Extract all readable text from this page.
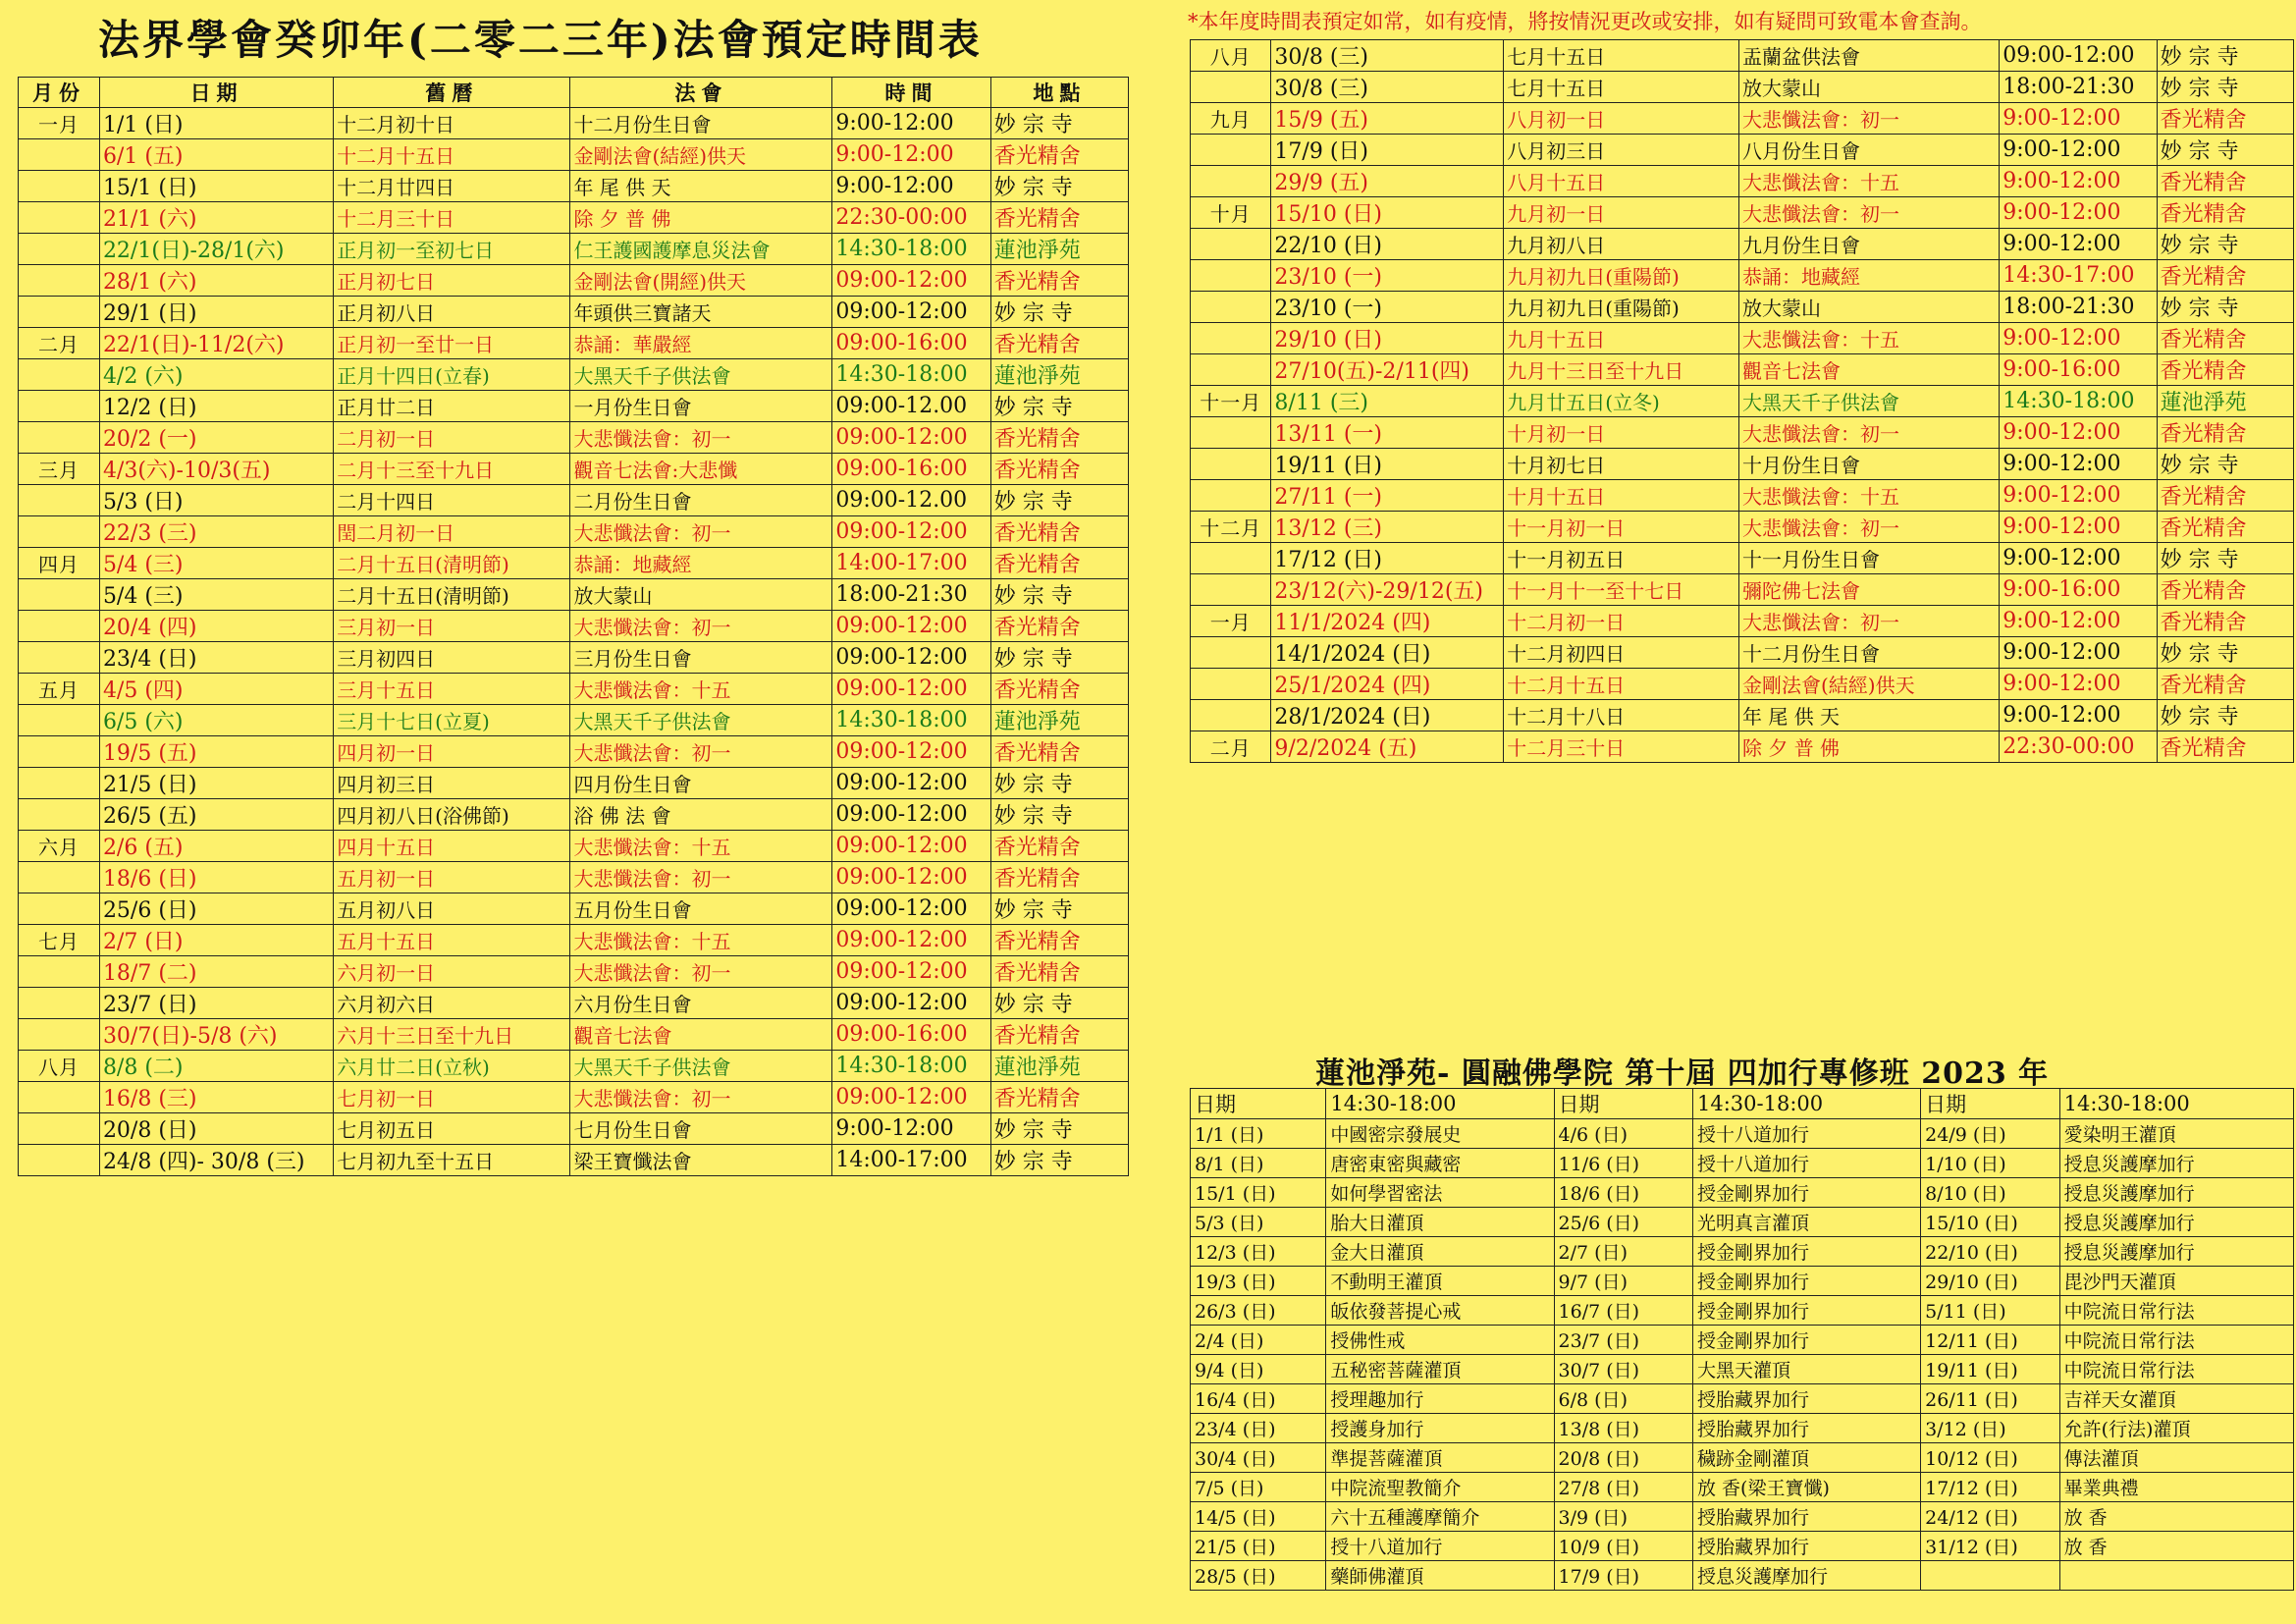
法界學會癸卯年(二零二三年)法會預定時間表	*本年度時間表預定如常，如有疫情，將按情況更改或安排，如有疑問可致電本會查詢。
月份	日期	舊曆	法會	時間	地點
一月	1/1 (日)	十二月初十日	十二月份生日會	9:00-12:00	妙 宗 寺
	6/1 (五)	十二月十五日	金剛法會(結經)供天	9:00-12:00	香光精舍
	15/1 (日)	十二月廿四日	年 尾 供 天	9:00-12:00	妙 宗 寺
	21/1 (六)	十二月三十日	除 夕 普 佛	22:30-00:00	香光精舍
	22/1(日)-28/1(六)	正月初一至初七日	仁王護國護摩息災法會	14:30-18:00	蓮池淨苑
	28/1 (六)	正月初七日	金剛法會(開經)供天	09:00-12:00	香光精舍
	29/1 (日)	正月初八日	年頭供三寶諸天	09:00-12:00	妙 宗 寺
二月	22/1(日)-11/2(六)	正月初一至廿一日	恭誦：華嚴經	09:00-16:00	香光精舍
	4/2 (六)	正月十四日(立春)	大黑天千子供法會	14:30-18:00	蓮池淨苑
	12/2 (日)	正月廿二日	一月份生日會	09:00-12.00	妙 宗 寺
	20/2 (一)	二月初一日	大悲懺法會：初一	09:00-12:00	香光精舍
三月	4/3(六)-10/3(五)	二月十三至十九日	觀音七法會:大悲懺	09:00-16:00	香光精舍
	5/3 (日)	二月十四日	二月份生日會	09:00-12.00	妙 宗 寺
	22/3 (三)	閏二月初一日	大悲懺法會：初一	09:00-12:00	香光精舍
四月	5/4 (三)	二月十五日(清明節)	恭誦：地藏經	14:00-17:00	香光精舍
	5/4 (三)	二月十五日(清明節)	放大蒙山	18:00-21:30	妙 宗 寺
	20/4 (四)	三月初一日	大悲懺法會：初一	09:00-12:00	香光精舍
	23/4 (日)	三月初四日	三月份生日會	09:00-12:00	妙 宗 寺
五月	4/5 (四)	三月十五日	大悲懺法會：十五	09:00-12:00	香光精舍
	6/5 (六)	三月十七日(立夏)	大黑天千子供法會	14:30-18:00	蓮池淨苑
	19/5 (五)	四月初一日	大悲懺法會：初一	09:00-12:00	香光精舍
	21/5 (日)	四月初三日	四月份生日會	09:00-12:00	妙 宗 寺
	26/5 (五)	四月初八日(浴佛節)	浴 佛 法 會	09:00-12:00	妙 宗 寺
六月	2/6 (五)	四月十五日	大悲懺法會：十五	09:00-12:00	香光精舍
	18/6 (日)	五月初一日	大悲懺法會：初一	09:00-12:00	香光精舍
	25/6 (日)	五月初八日	五月份生日會	09:00-12:00	妙 宗 寺
七月	2/7 (日)	五月十五日	大悲懺法會：十五	09:00-12:00	香光精舍
	18/7 (二)	六月初一日	大悲懺法會：初一	09:00-12:00	香光精舍
	23/7 (日)	六月初六日	六月份生日會	09:00-12:00	妙 宗 寺
	30/7(日)-5/8 (六)	六月十三日至十九日	觀音七法會	09:00-16:00	香光精舍
八月	8/8 (二)	六月廿二日(立秋)	大黑天千子供法會	14:30-18:00	蓮池淨苑
	16/8 (三)	七月初一日	大悲懺法會：初一	09:00-12:00	香光精舍
	20/8 (日)	七月初五日	七月份生日會	9:00-12:00	妙 宗 寺
	24/8 (四)- 30/8 (三)	七月初九至十五日	梁王寶懺法會	14:00-17:00	妙 宗 寺
八月	30/8 (三)	七月十五日	盂蘭盆供法會	09:00-12:00	妙 宗 寺
	30/8 (三)	七月十五日	放大蒙山	18:00-21:30	妙 宗 寺
九月	15/9 (五)	八月初一日	大悲懺法會：初一	9:00-12:00	香光精舍
	17/9 (日)	八月初三日	八月份生日會	9:00-12:00	妙 宗 寺
	29/9 (五)	八月十五日	大悲懺法會：十五	9:00-12:00	香光精舍
十月	15/10 (日)	九月初一日	大悲懺法會：初一	9:00-12:00	香光精舍
	22/10 (日)	九月初八日	九月份生日會	9:00-12:00	妙 宗 寺
	23/10 (一)	九月初九日(重陽節)	恭誦：地藏經	14:30-17:00	香光精舍
	23/10 (一)	九月初九日(重陽節)	放大蒙山	18:00-21:30	妙 宗 寺
	29/10 (日)	九月十五日	大悲懺法會：十五	9:00-12:00	香光精舍
	27/10(五)-2/11(四)	九月十三日至十九日	觀音七法會	9:00-16:00	香光精舍
十一月	8/11 (三)	九月廿五日(立冬)	大黑天千子供法會	14:30-18:00	蓮池淨苑
	13/11 (一)	十月初一日	大悲懺法會：初一	9:00-12:00	香光精舍
	19/11 (日)	十月初七日	十月份生日會	9:00-12:00	妙 宗 寺
	27/11 (一)	十月十五日	大悲懺法會：十五	9:00-12:00	香光精舍
十二月	13/12 (三)	十一月初一日	大悲懺法會：初一	9:00-12:00	香光精舍
	17/12 (日)	十一月初五日	十一月份生日會	9:00-12:00	妙 宗 寺
	23/12(六)-29/12(五)	十一月十一至十七日	彌陀佛七法會	9:00-16:00	香光精舍
一月	11/1/2024 (四)	十二月初一日	大悲懺法會：初一	9:00-12:00	香光精舍
	14/1/2024 (日)	十二月初四日	十二月份生日會	9:00-12:00	妙 宗 寺
	25/1/2024 (四)	十二月十五日	金剛法會(結經)供天	9:00-12:00	香光精舍
	28/1/2024 (日)	十二月十八日	年 尾 供 天	9:00-12:00	妙 宗 寺
二月	9/2/2024 (五)	十二月三十日	除 夕 普 佛	22:30-00:00	香光精舍
蓮池淨苑- 圓融佛學院 第十屆 四加行專修班 2023 年
日期	14:30-18:00	日期	14:30-18:00	日期	14:30-18:00
1/1 (日)	中國密宗發展史	4/6 (日)	授十八道加行	24/9 (日)	愛染明王灌頂
8/1 (日)	唐密東密與藏密	11/6 (日)	授十八道加行	1/10 (日)	授息災護摩加行
15/1 (日)	如何學習密法	18/6 (日)	授金剛界加行	8/10 (日)	授息災護摩加行
5/3 (日)	胎大日灌頂	25/6 (日)	光明真言灌頂	15/10 (日)	授息災護摩加行
12/3 (日)	金大日灌頂	2/7 (日)	授金剛界加行	22/10 (日)	授息災護摩加行
19/3 (日)	不動明王灌頂	9/7 (日)	授金剛界加行	29/10 (日)	毘沙門天灌頂
26/3 (日)	皈依發菩提心戒	16/7 (日)	授金剛界加行	5/11 (日)	中院流日常行法
2/4 (日)	授佛性戒	23/7 (日)	授金剛界加行	12/11 (日)	中院流日常行法
9/4 (日)	五秘密菩薩灌頂	30/7 (日)	大黑天灌頂	19/11 (日)	中院流日常行法
16/4 (日)	授理趣加行	6/8 (日)	授胎藏界加行	26/11 (日)	吉祥天女灌頂
23/4 (日)	授護身加行	13/8 (日)	授胎藏界加行	3/12 (日)	允許(行法)灌頂
30/4 (日)	準提菩薩灌頂	20/8 (日)	穢跡金剛灌頂	10/12 (日)	傳法灌頂
7/5 (日)	中院流聖教簡介	27/8 (日)	放 香(梁王寶懺)	17/12 (日)	畢業典禮
14/5 (日)	六十五種護摩簡介	3/9 (日)	授胎藏界加行	24/12 (日)	放 香
21/5 (日)	授十八道加行	10/9 (日)	授胎藏界加行	31/12 (日)	放 香
28/5 (日)	藥師佛灌頂	17/9 (日)	授息災護摩加行		
